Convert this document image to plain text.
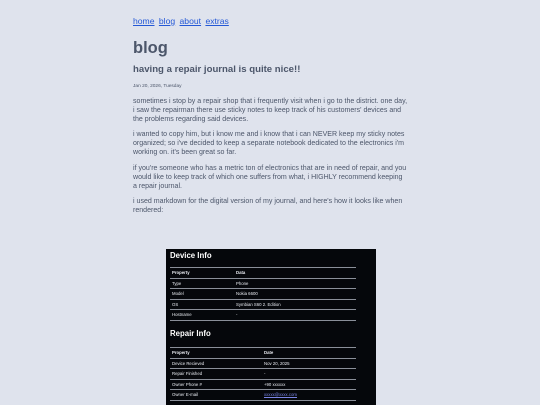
home blog about extras
blog
having a repair journal is quite nice!!

Jan 20, 2026, Tuesday

sometimes i stop by a repair shop that i frequently visit when i go to the district. one day, i saw the repairman there use sticky notes to keep track of his customers' devices and the problems regarding said devices.

i wanted to copy him, but i know me and i know that i can NEVER keep my sticky notes organized; so i've decided to keep a separate notebook dedicated to the electronics i'm working on. it's been great so far.

if you're someone who has a metric ton of electronics that are in need of repair, and you would like to keep track of which one suffers from what, i HIGHLY recommend keeping a repair journal.

i used markdown for the digital version of my journal, and here's how it looks like when rendered:

Device Info
Property	Data
Type	Phone
Model	Nokia 6600
OS	Symbian S60 2. Edition
Hostname	-
Repair Info
Property	Date
Device Recieved	Nov 20, 2025
Repair Finished	-
Owner Phone #	+90 xxxxxx
Owner E-mail	xxxxx@xxxx.com
